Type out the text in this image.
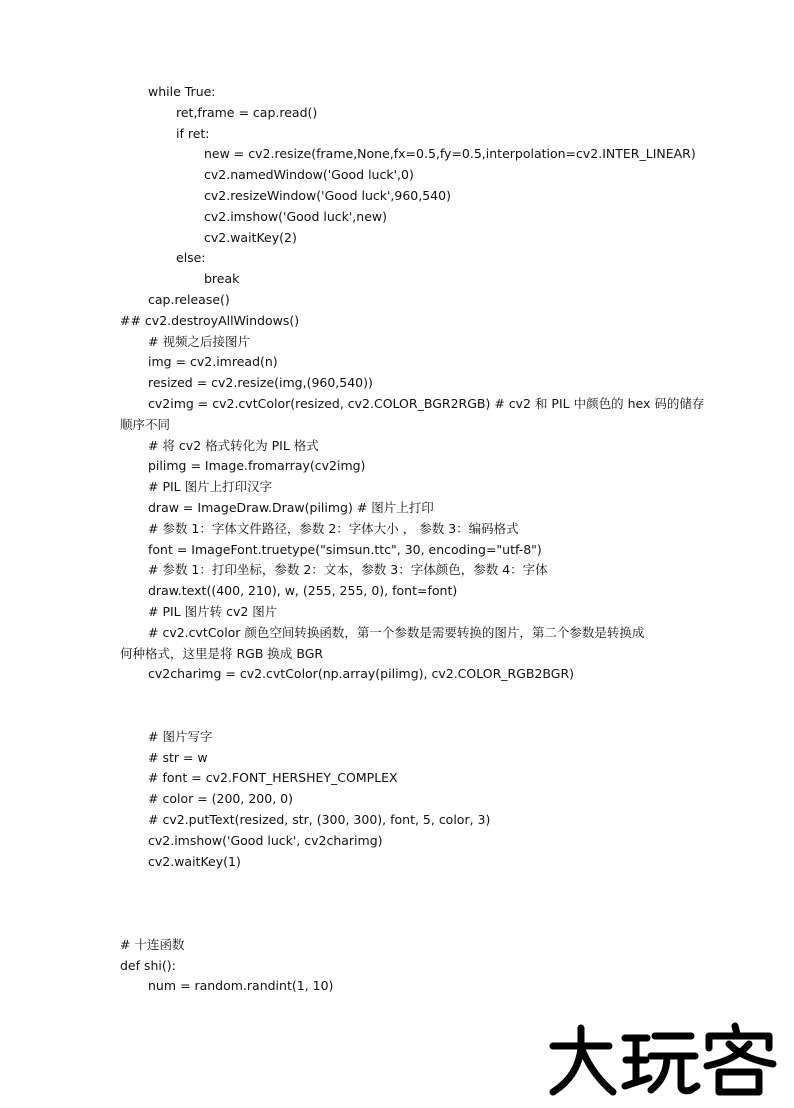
while True:
ret,frame = cap.read()
if ret:
new = cv2.resize(frame,None,fx=0.5,fy=0.5,interpolation=cv2.INTER_LINEAR)
cv2.namedWindow('Good luck',0)
cv2.resizeWindow('Good luck',960,540)
cv2.imshow('Good luck',new)
cv2.waitKey(2)
else:
break
cap.release()
## cv2.destroyAllWindows()
# 视频之后接图片
img = cv2.imread(n)
resized = cv2.resize(img,(960,540))
cv2img = cv2.cvtColor(resized, cv2.COLOR_BGR2RGB) # cv2 和 PIL 中颜色的 hex 码的储存
顺序不同
# 将 cv2 格式转化为 PIL 格式
pilimg = Image.fromarray(cv2img)
# PIL 图片上打印汉字
draw = ImageDraw.Draw(pilimg) # 图片上打印
# 参数 1：字体文件路径，参数 2：字体大小 ， 参数 3：编码格式
font = ImageFont.truetype("simsun.ttc", 30, encoding="utf-8")
# 参数 1：打印坐标，参数 2：文本，参数 3：字体颜色，参数 4：字体
draw.text((400, 210), w, (255, 255, 0), font=font)
# PIL 图片转 cv2 图片
# cv2.cvtColor 颜色空间转换函数，第一个参数是需要转换的图片，第二个参数是转换成
何种格式，这里是将 RGB 换成 BGR
cv2charimg = cv2.cvtColor(np.array(pilimg), cv2.COLOR_RGB2BGR)
# 图片写字
# str = w
# font = cv2.FONT_HERSHEY_COMPLEX
# color = (200, 200, 0)
# cv2.putText(resized, str, (300, 300), font, 5, color, 3)
cv2.imshow('Good luck', cv2charimg)
cv2.waitKey(1)
# 十连函数
def shi():
num = random.randint(1, 10)
